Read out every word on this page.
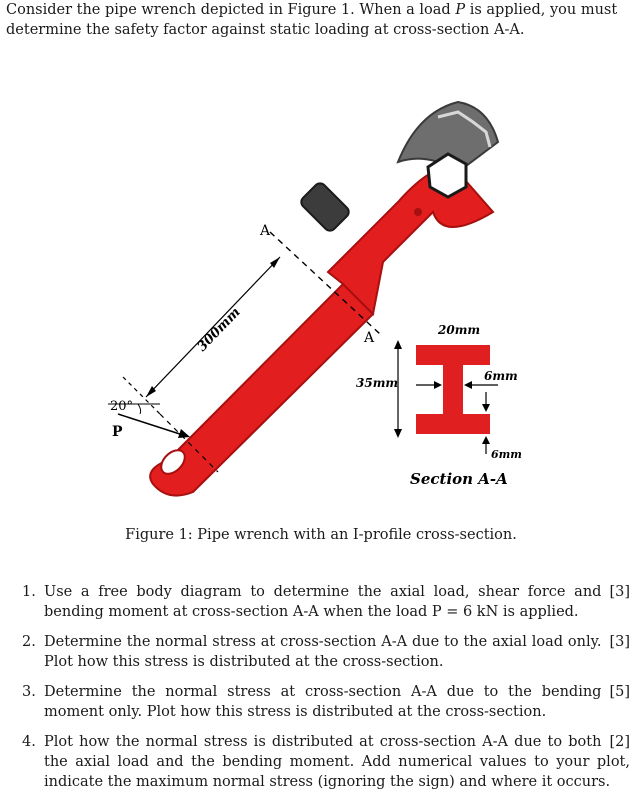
Consider the pipe wrench depicted in Figure 1. When a load P is applied, you must determine the safety factor against static loading at cross-section A-A.
A
A
300mm
20°
P
20mm
35mm	6mm
6mm
Section A-A
Figure 1: Pipe wrench with an I-profile cross-section.
1.	[3]
Use a free body diagram to determine the axial load, shear force and bending moment at cross-section A-A when the load P = 6 kN is applied.
2.	[3]
Determine the normal stress at cross-section A-A due to the axial load only. Plot how this stress is distributed at the cross-section.
3.	[5]
Determine the normal stress at cross-section A-A due to the bending moment only. Plot how this stress is distributed at the cross-section.
4.	[2]
Plot how the normal stress is distributed at cross-section A-A due to both the axial load and the bending moment. Add numerical values to your plot, indicate the maximum normal stress (ignoring the sign) and where it occurs.
